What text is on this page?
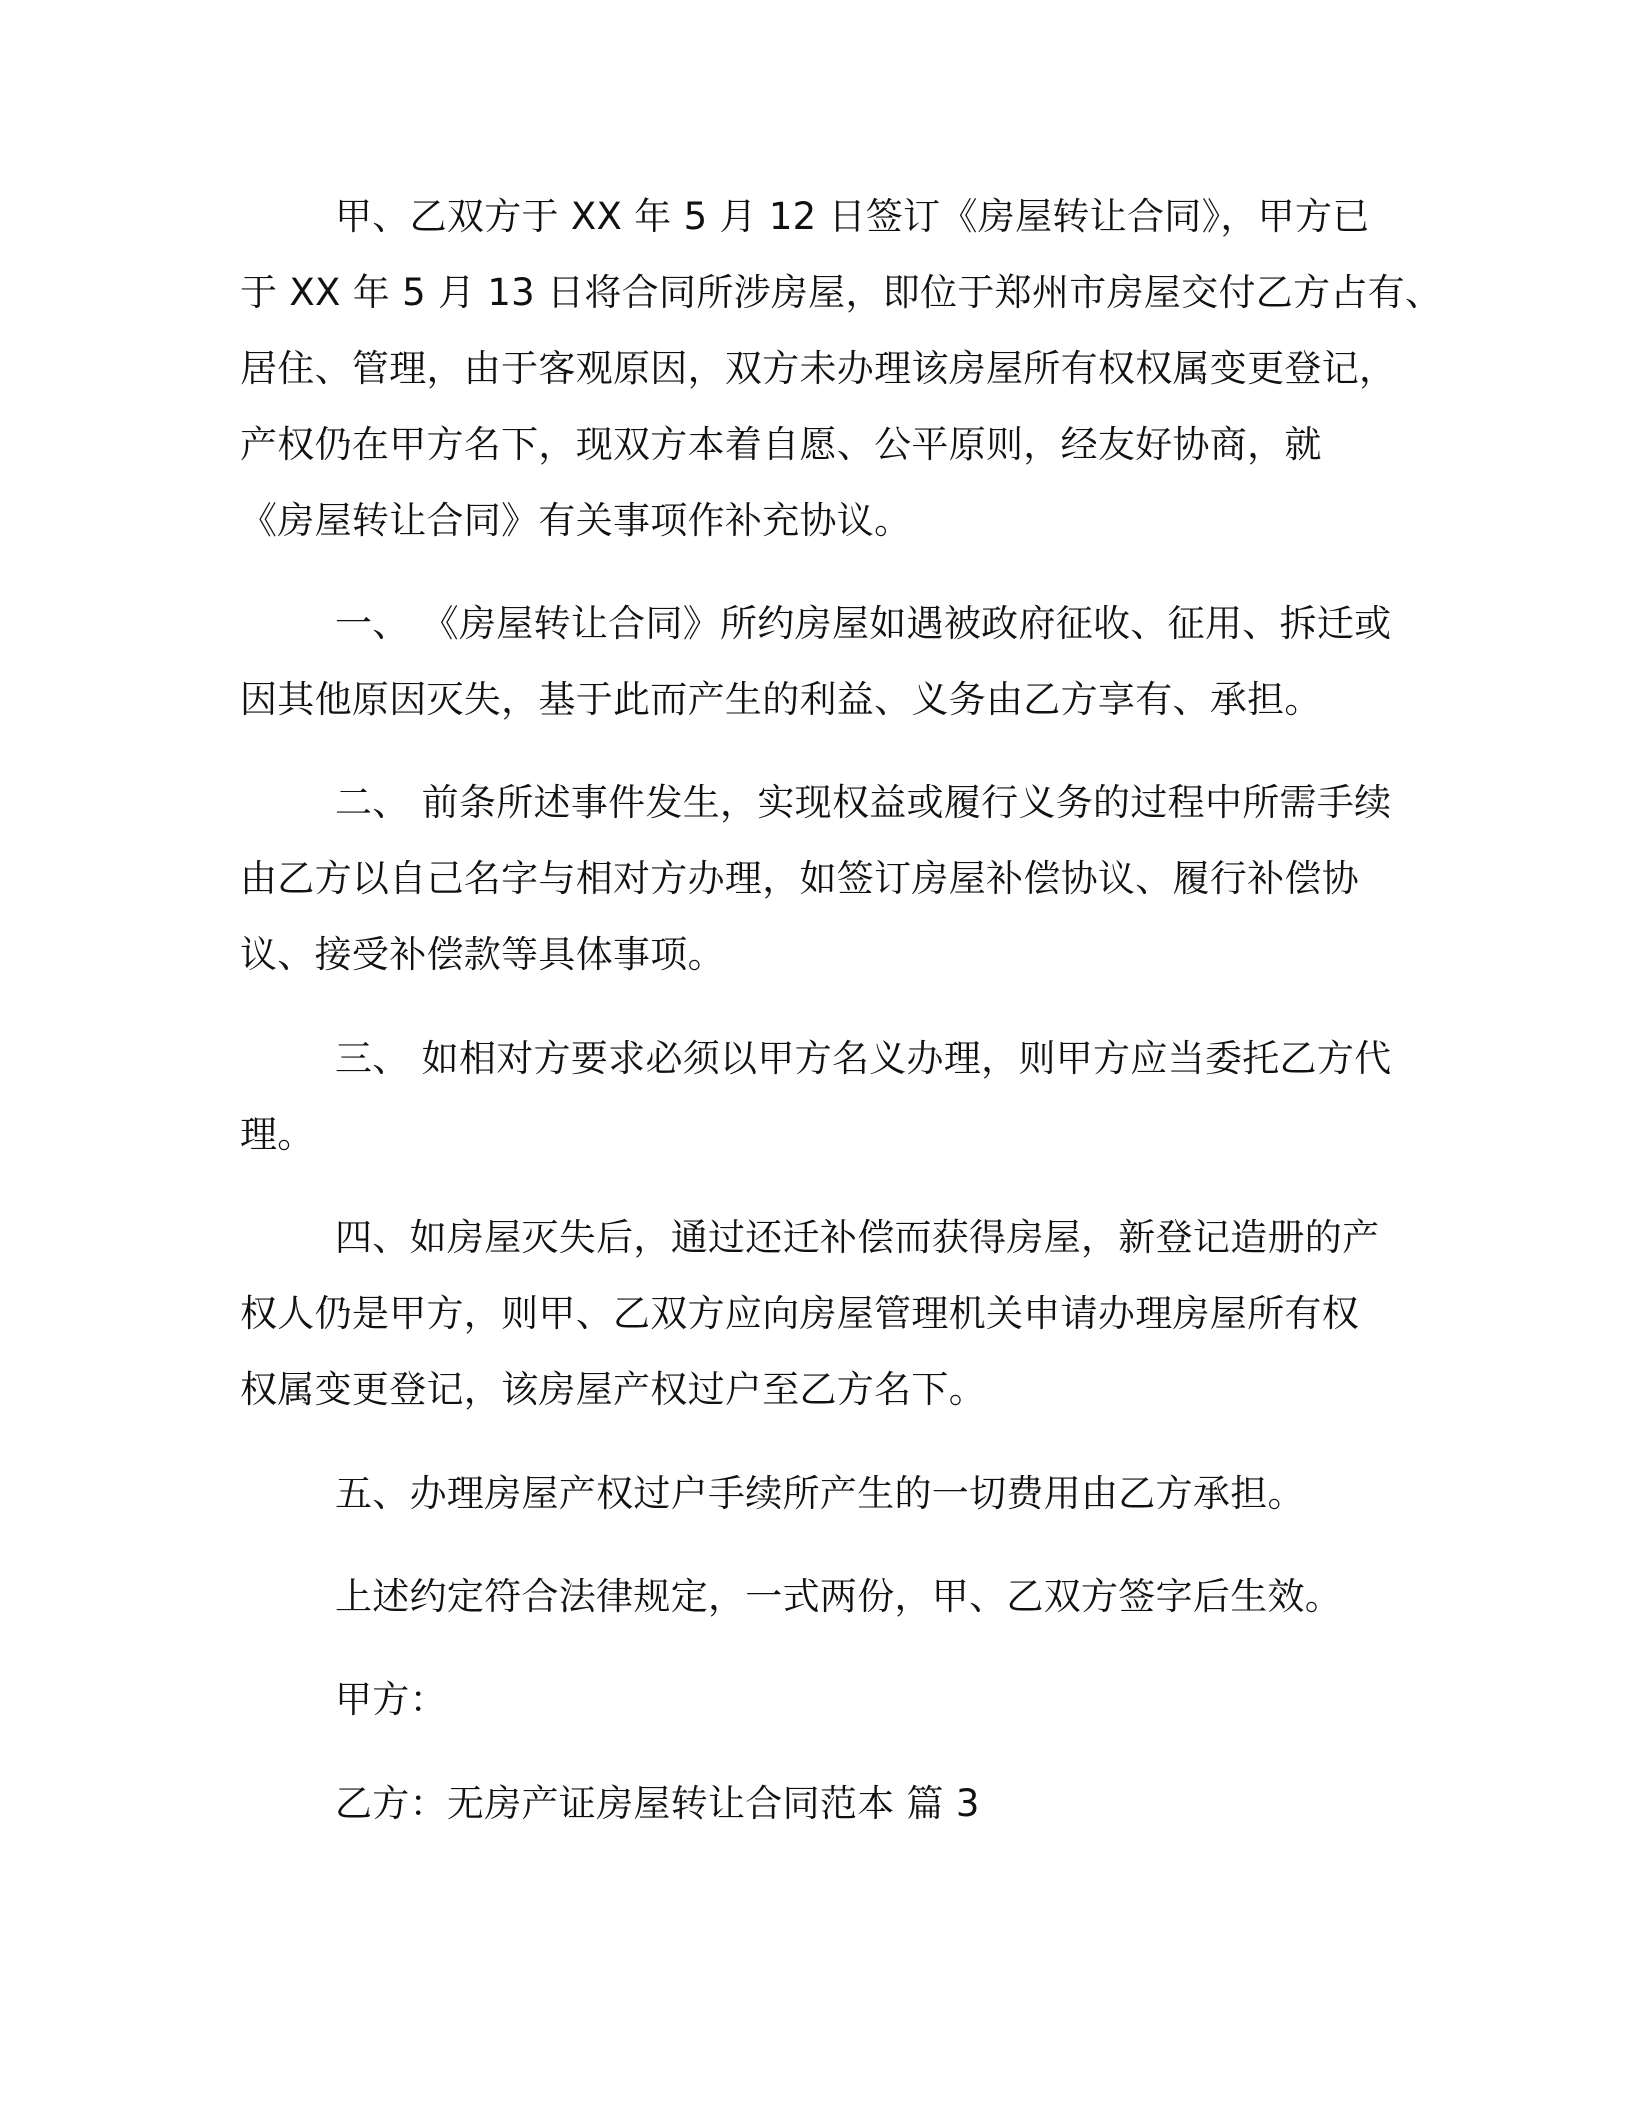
甲、乙双方于 XX 年 5 月 12 日签订《房屋转让合同》，甲方已
于 XX 年 5 月 13 日将合同所涉房屋，即位于郑州市房屋交付乙方占有、
居住、管理，由于客观原因，双方未办理该房屋所有权权属变更登记，
产权仍在甲方名下，现双方本着自愿、公平原则，经友好协商，就
《房屋转让合同》有关事项作补充协议。
一、 《房屋转让合同》所约房屋如遇被政府征收、征用、拆迁或
因其他原因灭失，基于此而产生的利益、义务由乙方享有、承担。
二、 前条所述事件发生，实现权益或履行义务的过程中所需手续
由乙方以自己名字与相对方办理，如签订房屋补偿协议、履行补偿协
议、接受补偿款等具体事项。
三、 如相对方要求必须以甲方名义办理，则甲方应当委托乙方代
理。
四、如房屋灭失后，通过还迁补偿而获得房屋，新登记造册的产
权人仍是甲方，则甲、乙双方应向房屋管理机关申请办理房屋所有权
权属变更登记，该房屋产权过户至乙方名下。
五、办理房屋产权过户手续所产生的一切费用由乙方承担。
上述约定符合法律规定，一式两份，甲、乙双方签字后生效。
甲方：
乙方：无房产证房屋转让合同范本 篇 3
